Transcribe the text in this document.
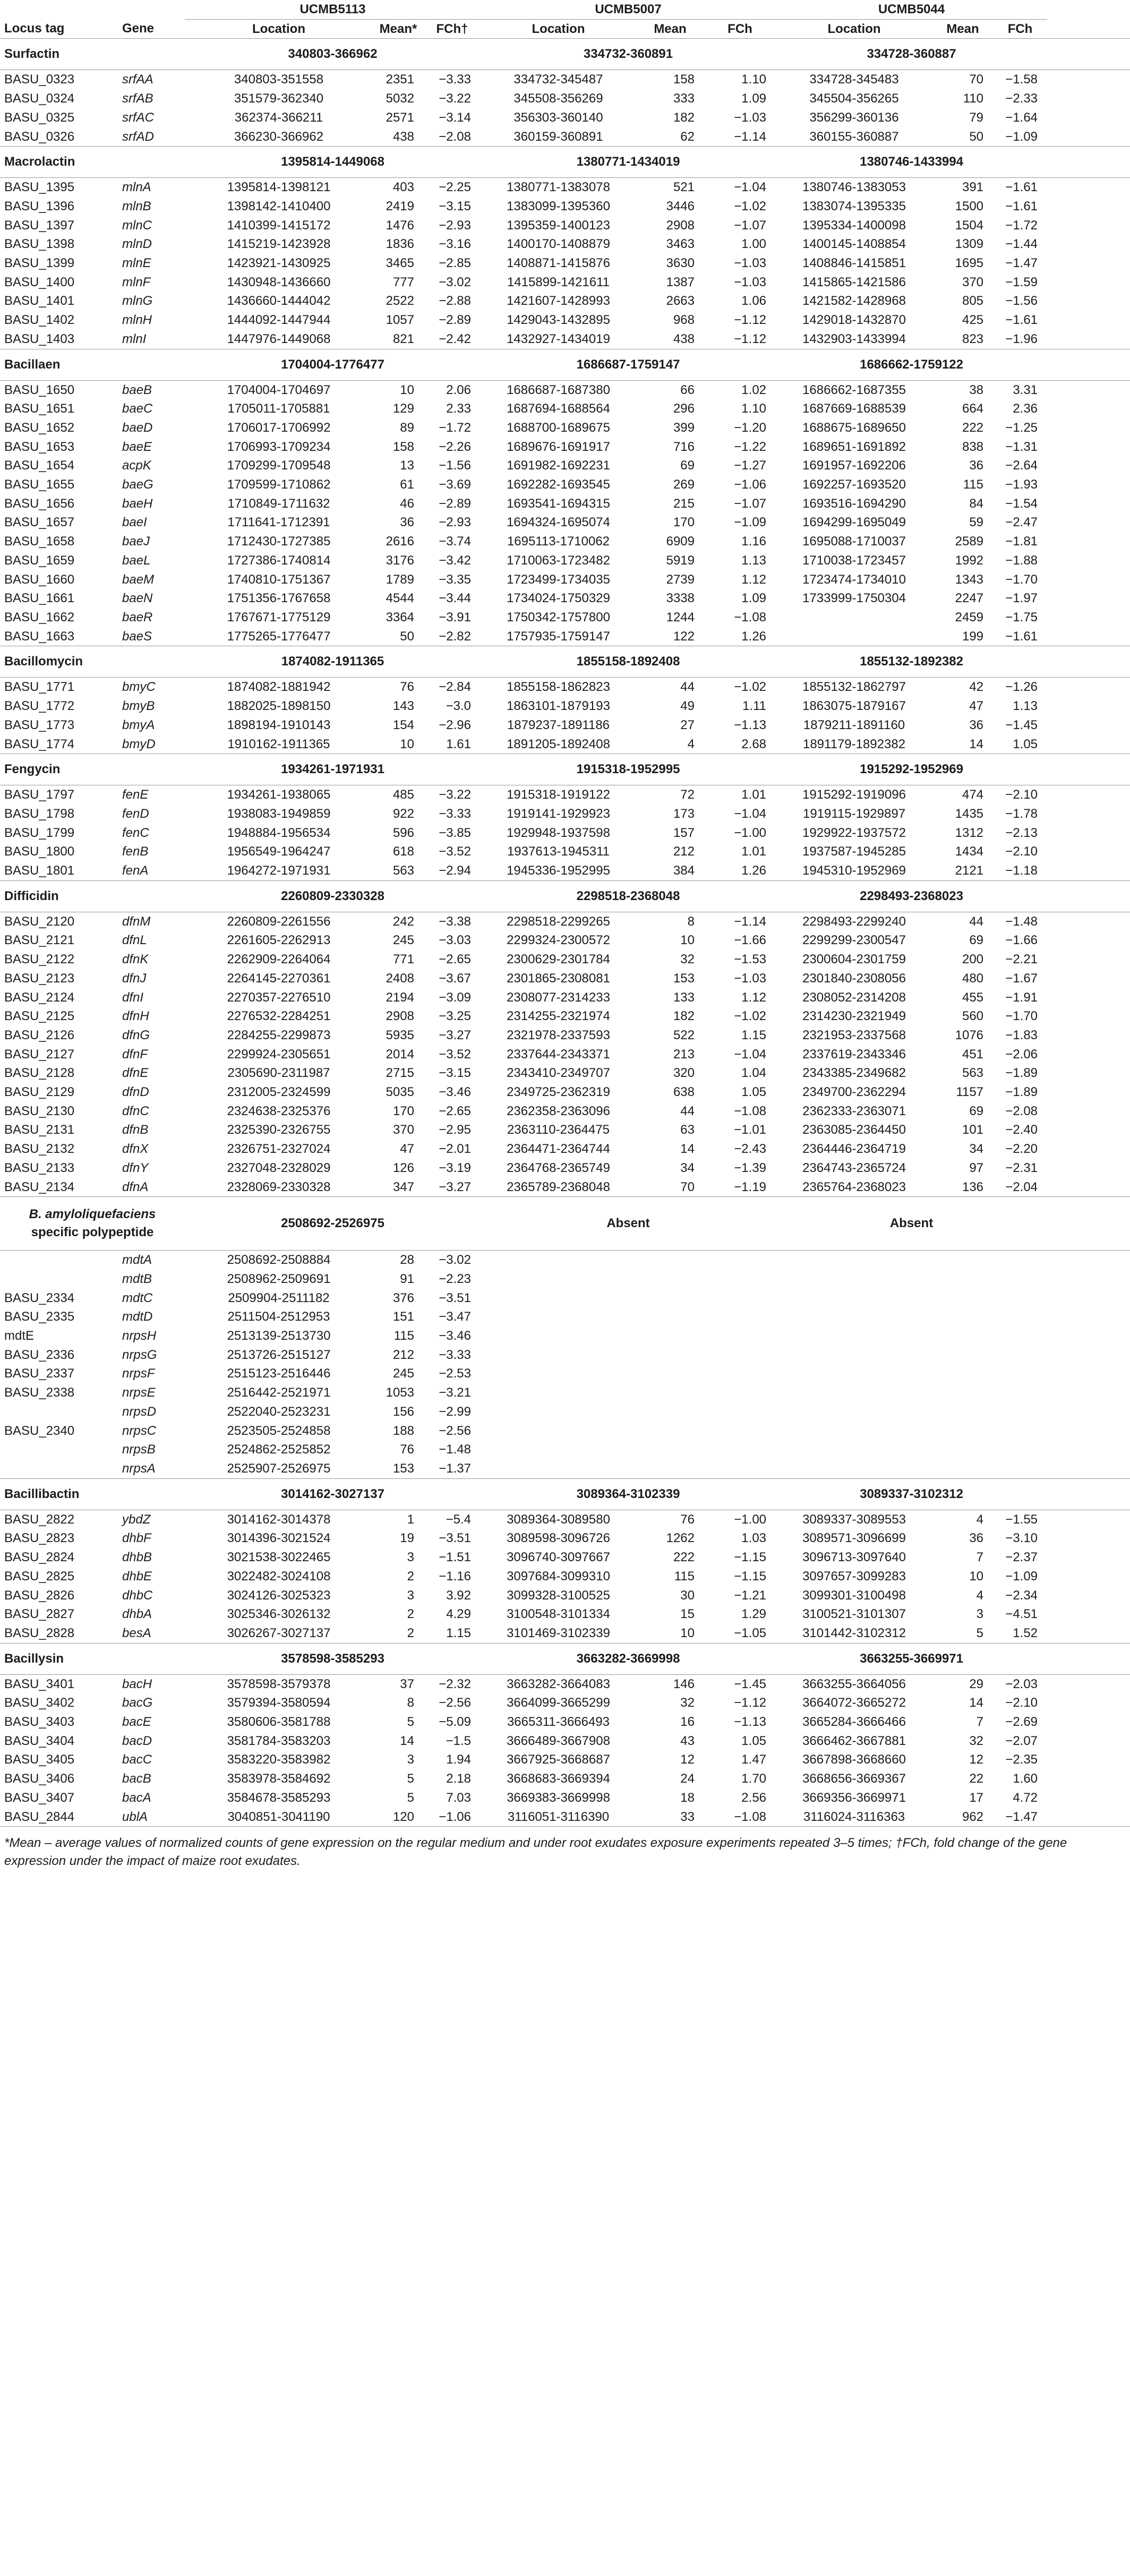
		UCMB5113			UCMB5007			UCMB5044			
Locus tag	Gene	Location	Mean*	FCh†	Location	Mean	FCh	Location	Mean	FCh	
Surfactin		340803-366962			334732-360891			334728-360887			
BASU_0323	srfAA	340803-351558	2351	−3.33	334732-345487	158	1.10	334728-345483	70	−1.58	
BASU_0324	srfAB	351579-362340	5032	−3.22	345508-356269	333	1.09	345504-356265	110	−2.33	
BASU_0325	srfAC	362374-366211	2571	−3.14	356303-360140	182	−1.03	356299-360136	79	−1.64	
BASU_0326	srfAD	366230-366962	438	−2.08	360159-360891	62	−1.14	360155-360887	50	−1.09	
Macrolactin		1395814-1449068			1380771-1434019			1380746-1433994			
BASU_1395	mlnA	1395814-1398121	403	−2.25	1380771-1383078	521	−1.04	1380746-1383053	391	−1.61	
BASU_1396	mlnB	1398142-1410400	2419	−3.15	1383099-1395360	3446	−1.02	1383074-1395335	1500	−1.61	
BASU_1397	mlnC	1410399-1415172	1476	−2.93	1395359-1400123	2908	−1.07	1395334-1400098	1504	−1.72	
BASU_1398	mlnD	1415219-1423928	1836	−3.16	1400170-1408879	3463	1.00	1400145-1408854	1309	−1.44	
BASU_1399	mlnE	1423921-1430925	3465	−2.85	1408871-1415876	3630	−1.03	1408846-1415851	1695	−1.47	
BASU_1400	mlnF	1430948-1436660	777	−3.02	1415899-1421611	1387	−1.03	1415865-1421586	370	−1.59	
BASU_1401	mlnG	1436660-1444042	2522	−2.88	1421607-1428993	2663	1.06	1421582-1428968	805	−1.56	
BASU_1402	mlnH	1444092-1447944	1057	−2.89	1429043-1432895	968	−1.12	1429018-1432870	425	−1.61	
BASU_1403	mlnI	1447976-1449068	821	−2.42	1432927-1434019	438	−1.12	1432903-1433994	823	−1.96	
Bacillaen		1704004-1776477			1686687-1759147			1686662-1759122			
BASU_1650	baeB	1704004-1704697	10	2.06	1686687-1687380	66	1.02	1686662-1687355	38	3.31	
BASU_1651	baeC	1705011-1705881	129	2.33	1687694-1688564	296	1.10	1687669-1688539	664	2.36	
BASU_1652	baeD	1706017-1706992	89	−1.72	1688700-1689675	399	−1.20	1688675-1689650	222	−1.25	
BASU_1653	baeE	1706993-1709234	158	−2.26	1689676-1691917	716	−1.22	1689651-1691892	838	−1.31	
BASU_1654	acpK	1709299-1709548	13	−1.56	1691982-1692231	69	−1.27	1691957-1692206	36	−2.64	
BASU_1655	baeG	1709599-1710862	61	−3.69	1692282-1693545	269	−1.06	1692257-1693520	115	−1.93	
BASU_1656	baeH	1710849-1711632	46	−2.89	1693541-1694315	215	−1.07	1693516-1694290	84	−1.54	
BASU_1657	baeI	1711641-1712391	36	−2.93	1694324-1695074	170	−1.09	1694299-1695049	59	−2.47	
BASU_1658	baeJ	1712430-1727385	2616	−3.74	1695113-1710062	6909	1.16	1695088-1710037	2589	−1.81	
BASU_1659	baeL	1727386-1740814	3176	−3.42	1710063-1723482	5919	1.13	1710038-1723457	1992	−1.88	
BASU_1660	baeM	1740810-1751367	1789	−3.35	1723499-1734035	2739	1.12	1723474-1734010	1343	−1.70	
BASU_1661	baeN	1751356-1767658	4544	−3.44	1734024-1750329	3338	1.09	1733999-1750304	2247	−1.97	
BASU_1662	baeR	1767671-1775129	3364	−3.91	1750342-1757800	1244	−1.08		2459	−1.75	
BASU_1663	baeS	1775265-1776477	50	−2.82	1757935-1759147	122	1.26		199	−1.61	
Bacillomycin		1874082-1911365			1855158-1892408			1855132-1892382			
BASU_1771	bmyC	1874082-1881942	76	−2.84	1855158-1862823	44	−1.02	1855132-1862797	42	−1.26	
BASU_1772	bmyB	1882025-1898150	143	−3.0	1863101-1879193	49	1.11	1863075-1879167	47	1.13	
BASU_1773	bmyA	1898194-1910143	154	−2.96	1879237-1891186	27	−1.13	1879211-1891160	36	−1.45	
BASU_1774	bmyD	1910162-1911365	10	1.61	1891205-1892408	4	2.68	1891179-1892382	14	1.05	
Fengycin		1934261-1971931			1915318-1952995			1915292-1952969			
BASU_1797	fenE	1934261-1938065	485	−3.22	1915318-1919122	72	1.01	1915292-1919096	474	−2.10	
BASU_1798	fenD	1938083-1949859	922	−3.33	1919141-1929923	173	−1.04	1919115-1929897	1435	−1.78	
BASU_1799	fenC	1948884-1956534	596	−3.85	1929948-1937598	157	−1.00	1929922-1937572	1312	−2.13	
BASU_1800	fenB	1956549-1964247	618	−3.52	1937613-1945311	212	1.01	1937587-1945285	1434	−2.10	
BASU_1801	fenA	1964272-1971931	563	−2.94	1945336-1952995	384	1.26	1945310-1952969	2121	−1.18	
Difficidin		2260809-2330328			2298518-2368048			2298493-2368023			
BASU_2120	dfnM	2260809-2261556	242	−3.38	2298518-2299265	8	−1.14	2298493-2299240	44	−1.48	
BASU_2121	dfnL	2261605-2262913	245	−3.03	2299324-2300572	10	−1.66	2299299-2300547	69	−1.66	
BASU_2122	dfnK	2262909-2264064	771	−2.65	2300629-2301784	32	−1.53	2300604-2301759	200	−2.21	
BASU_2123	dfnJ	2264145-2270361	2408	−3.67	2301865-2308081	153	−1.03	2301840-2308056	480	−1.67	
BASU_2124	dfnI	2270357-2276510	2194	−3.09	2308077-2314233	133	1.12	2308052-2314208	455	−1.91	
BASU_2125	dfnH	2276532-2284251	2908	−3.25	2314255-2321974	182	−1.02	2314230-2321949	560	−1.70	
BASU_2126	dfnG	2284255-2299873	5935	−3.27	2321978-2337593	522	1.15	2321953-2337568	1076	−1.83	
BASU_2127	dfnF	2299924-2305651	2014	−3.52	2337644-2343371	213	−1.04	2337619-2343346	451	−2.06	
BASU_2128	dfnE	2305690-2311987	2715	−3.15	2343410-2349707	320	1.04	2343385-2349682	563	−1.89	
BASU_2129	dfnD	2312005-2324599	5035	−3.46	2349725-2362319	638	1.05	2349700-2362294	1157	−1.89	
BASU_2130	dfnC	2324638-2325376	170	−2.65	2362358-2363096	44	−1.08	2362333-2363071	69	−2.08	
BASU_2131	dfnB	2325390-2326755	370	−2.95	2363110-2364475	63	−1.01	2363085-2364450	101	−2.40	
BASU_2132	dfnX	2326751-2327024	47	−2.01	2364471-2364744	14	−2.43	2364446-2364719	34	−2.20	
BASU_2133	dfnY	2327048-2328029	126	−3.19	2364768-2365749	34	−1.39	2364743-2365724	97	−2.31	
BASU_2134	dfnA	2328069-2330328	347	−3.27	2365789-2368048	70	−1.19	2365764-2368023	136	−2.04	

B. amyloliquefaciens
specific polypeptide		2508692-2526975			Absent			Absent			
	mdtA	2508692-2508884	28	−3.02							
	mdtB	2508962-2509691	91	−2.23							
BASU_2334	mdtC	2509904-2511182	376	−3.51							
BASU_2335	mdtD	2511504-2512953	151	−3.47							
mdtE	nrpsH	2513139-2513730	115	−3.46							
BASU_2336	nrpsG	2513726-2515127	212	−3.33							
BASU_2337	nrpsF	2515123-2516446	245	−2.53							
BASU_2338	nrpsE	2516442-2521971	1053	−3.21							
	nrpsD	2522040-2523231	156	−2.99							
BASU_2340	nrpsC	2523505-2524858	188	−2.56							
	nrpsB	2524862-2525852	76	−1.48							
	nrpsA	2525907-2526975	153	−1.37							
Bacillibactin		3014162-3027137			3089364-3102339			3089337-3102312			
BASU_2822	ybdZ	3014162-3014378	1	−5.4	3089364-3089580	76	−1.00	3089337-3089553	4	−1.55	
BASU_2823	dhbF	3014396-3021524	19	−3.51	3089598-3096726	1262	1.03	3089571-3096699	36	−3.10	
BASU_2824	dhbB	3021538-3022465	3	−1.51	3096740-3097667	222	−1.15	3096713-3097640	7	−2.37	
BASU_2825	dhbE	3022482-3024108	2	−1.16	3097684-3099310	115	−1.15	3097657-3099283	10	−1.09	
BASU_2826	dhbC	3024126-3025323	3	3.92	3099328-3100525	30	−1.21	3099301-3100498	4	−2.34	
BASU_2827	dhbA	3025346-3026132	2	4.29	3100548-3101334	15	1.29	3100521-3101307	3	−4.51	
BASU_2828	besA	3026267-3027137	2	1.15	3101469-3102339	10	−1.05	3101442-3102312	5	1.52	
Bacillysin		3578598-3585293			3663282-3669998			3663255-3669971			
BASU_3401	bacH	3578598-3579378	37	−2.32	3663282-3664083	146	−1.45	3663255-3664056	29	−2.03	
BASU_3402	bacG	3579394-3580594	8	−2.56	3664099-3665299	32	−1.12	3664072-3665272	14	−2.10	
BASU_3403	bacE	3580606-3581788	5	−5.09	3665311-3666493	16	−1.13	3665284-3666466	7	−2.69	
BASU_3404	bacD	3581784-3583203	14	−1.5	3666489-3667908	43	1.05	3666462-3667881	32	−2.07	
BASU_3405	bacC	3583220-3583982	3	1.94	3667925-3668687	12	1.47	3667898-3668660	12	−2.35	
BASU_3406	bacB	3583978-3584692	5	2.18	3668683-3669394	24	1.70	3668656-3669367	22	1.60	
BASU_3407	bacA	3584678-3585293	5	7.03	3669383-3669998	18	2.56	3669356-3669971	17	4.72	
BASU_2844	ublA	3040851-3041190	120	−1.06	3116051-3116390	33	−1.08	3116024-3116363	962	−1.47	
*Mean – average values of normalized counts of gene expression on the regular medium and under root exudates exposure experiments repeated 3–5 times; †FCh, fold change of the gene expression under the impact of maize root exudates.
